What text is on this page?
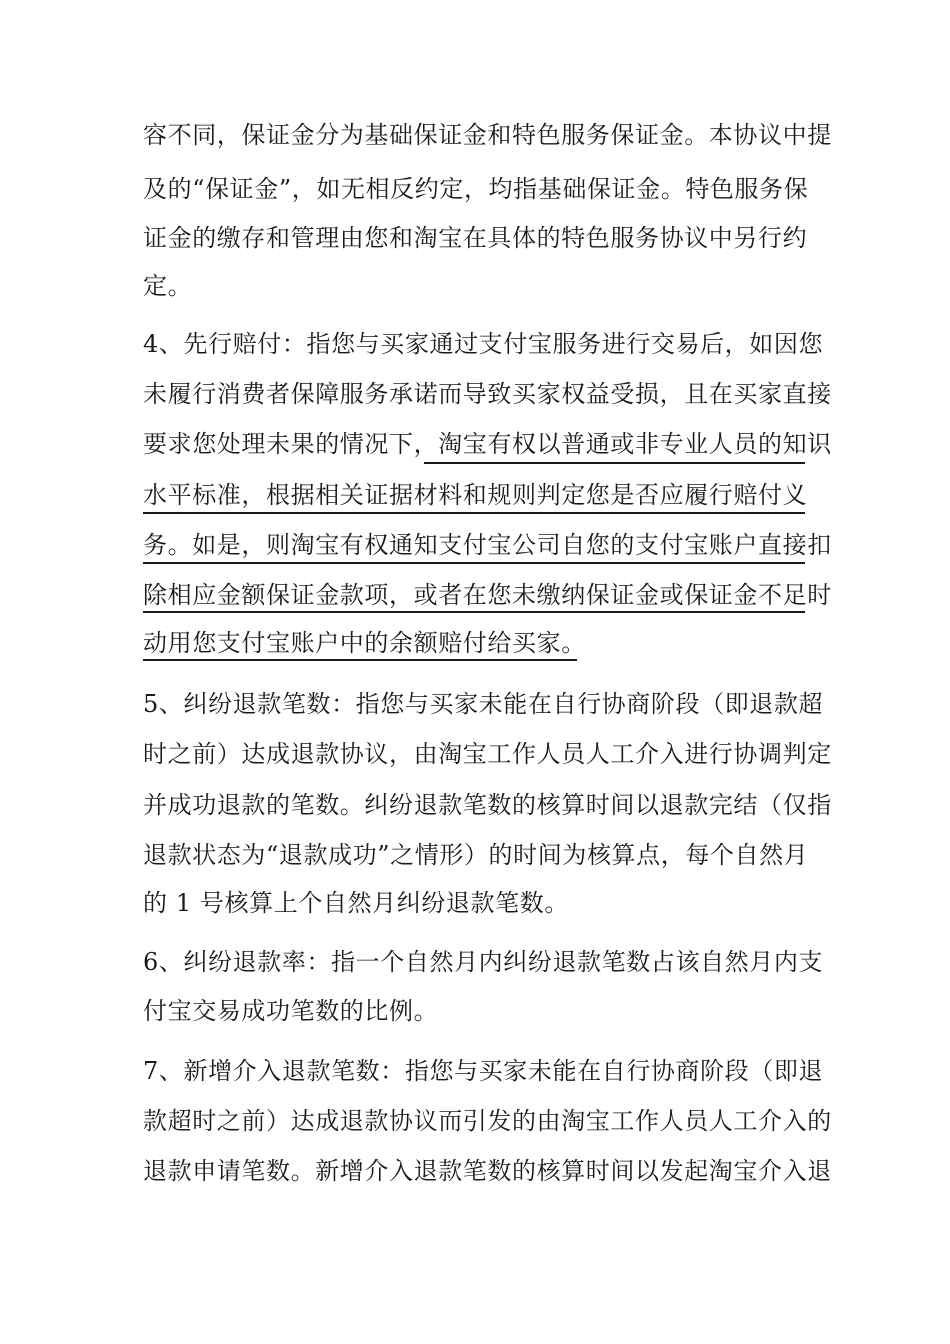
容不同，保证金分为基础保证金和特色服务保证金。本协议中提
及的“保证金”，如无相反约定，均指基础保证金。特色服务保
证金的缴存和管理由您和淘宝在具体的特色服务协议中另行约
定。
4、先行赔付：指您与买家通过支付宝服务进行交易后，如因您
未履行消费者保障服务承诺而导致买家权益受损，且在买家直接
要求您处理未果的情况下，淘宝有权以普通或非专业人员的知识
水平标准，根据相关证据材料和规则判定您是否应履行赔付义
务。如是，则淘宝有权通知支付宝公司自您的支付宝账户直接扣
除相应金额保证金款项，或者在您未缴纳保证金或保证金不足时
动用您支付宝账户中的余额赔付给买家。
5、纠纷退款笔数：指您与买家未能在自行协商阶段（即退款超
时之前）达成退款协议，由淘宝工作人员人工介入进行协调判定
并成功退款的笔数。纠纷退款笔数的核算时间以退款完结（仅指
退款状态为“退款成功”之情形）的时间为核算点，每个自然月
的 1 号核算上个自然月纠纷退款笔数。
6、纠纷退款率：指一个自然月内纠纷退款笔数占该自然月内支
付宝交易成功笔数的比例。
7、新增介入退款笔数：指您与买家未能在自行协商阶段（即退
款超时之前）达成退款协议而引发的由淘宝工作人员人工介入的
退款申请笔数。新增介入退款笔数的核算时间以发起淘宝介入退
